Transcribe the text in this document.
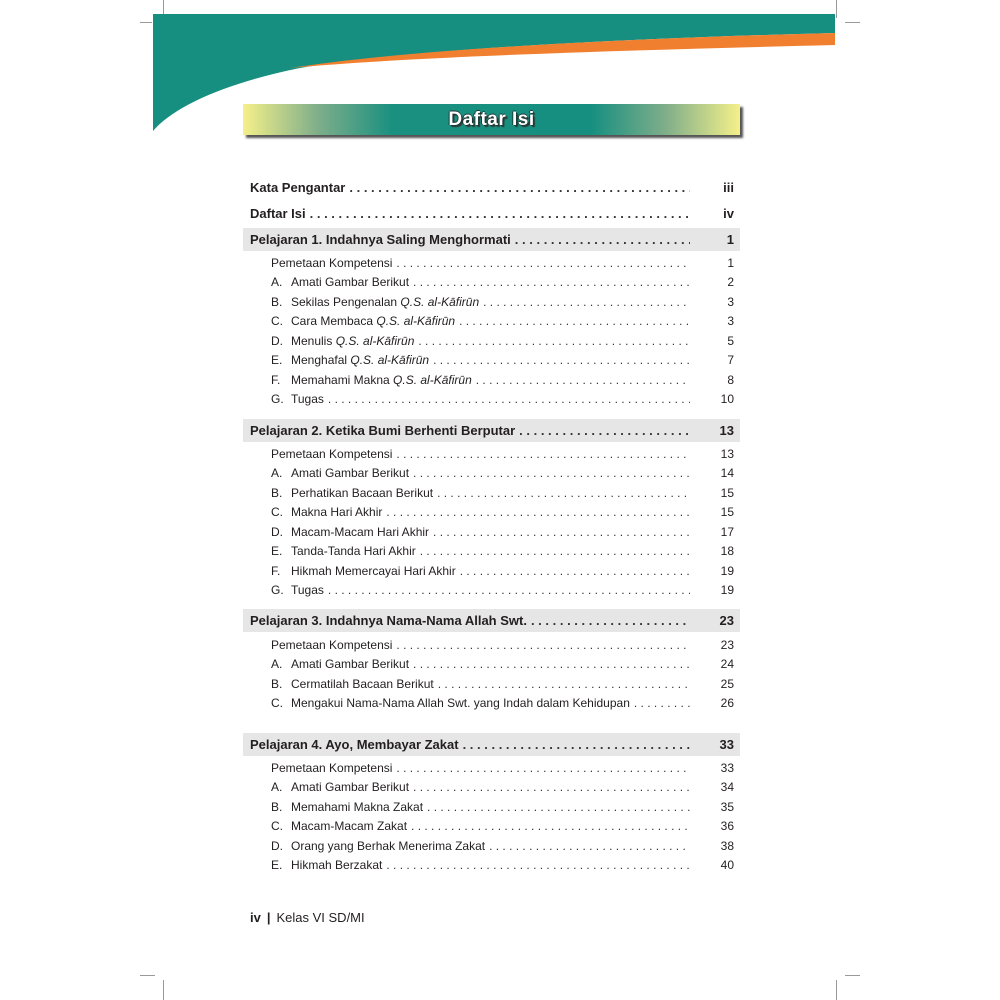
Daftar Isi
Kata Pengantar . . .	iii
Daftar Isi . . .	iv
Pelajaran 1. Indahnya Saling Menghormati . . .	1
Pemetaan Kompetensi . . .	1
A. Amati Gambar Berikut . . .	2
B. Sekilas Pengenalan Q.S. al-Kāfirūn . . .	3
C. Cara Membaca Q.S. al-Kāfirūn . . .	3
D. Menulis Q.S. al-Kāfirūn . . .	5
E. Menghafal Q.S. al-Kāfirūn . . .	7
F. Memahami Makna Q.S. al-Kāfirūn . . .	8
G. Tugas . . .	10
Pelajaran 2. Ketika Bumi Berhenti Berputar . . .	13
Pemetaan Kompetensi . . .	13
A. Amati Gambar Berikut . . .	14
B. Perhatikan Bacaan Berikut . . .	15
C. Makna Hari Akhir . . .	15
D. Macam-Macam Hari Akhir . . .	17
E. Tanda-Tanda Hari Akhir . . .	18
F. Hikmah Memercayai Hari Akhir . . .	19
G. Tugas . . .	19
Pelajaran 3. Indahnya Nama-Nama Allah Swt. . . .	23
Pemetaan Kompetensi . . .	23
A. Amati Gambar Berikut . . .	24
B. Cermatilah Bacaan Berikut . . .	25
C. Mengakui Nama-Nama Allah Swt. yang Indah dalam Kehidupan . . .	26
Pelajaran 4. Ayo, Membayar Zakat . . .	33
Pemetaan Kompetensi . . .	33
A. Amati Gambar Berikut . . .	34
B. Memahami Makna Zakat . . .	35
C. Macam-Macam Zakat . . .	36
D. Orang yang Berhak Menerima Zakat . . .	38
E. Hikmah Berzakat . . .	40
iv | Kelas VI SD/MI
